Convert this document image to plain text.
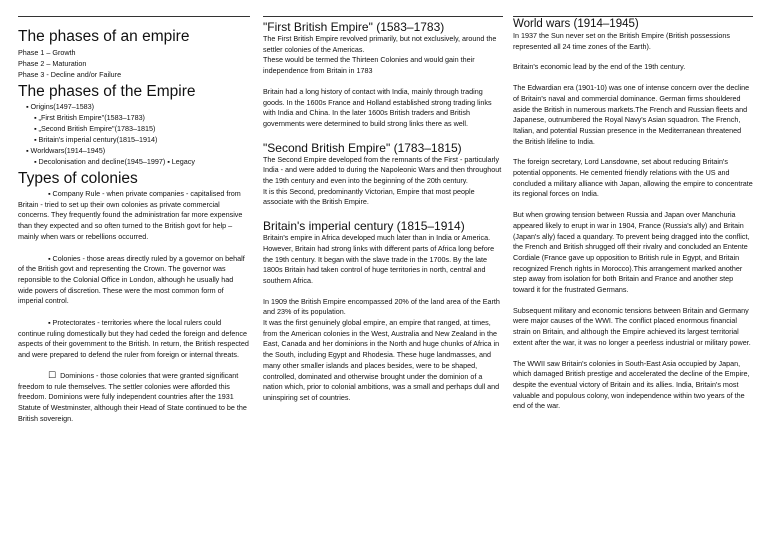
The phases of an empire
Phase 1 – Growth
Phase 2 – Maturation
Phase 3 - Decline and/or Failure
The phases of the Empire
▪ Origins(1497–1583)
▪ „First British Empire"(1583–1783)
▪ „Second British Empire"(1783–1815)
▪ Britain's imperial century(1815–1914)
▪ Worldwars(1914–1945)
▪ Decolonisation and decline(1945–1997) ▪ Legacy
Types of colonies

▪ Company Rule - when private companies - capitalised from Britain - tried to set up their own colonies as private commercial concerns. They frequently found the administration far more expensive than they expected and so often turned to the British govt for help – mainly when wars or rebellions occurred.

▪ Colonies - those areas directly ruled by a governor on behalf of the British govt and representing the Crown. The governor was reponsible to the Colonial Office in London, although he usually had wide powers of discretion. These were the most common form of imperial control.

▪ Protectorates - territories where the local rulers could continue ruling domestically but they had ceded the foreign and defence aspects of their government to the British. In return, the British respected and were prepared to defend the ruler from foreign or internal threats.

☐ Dominions - those colonies that were granted significant freedom to rule themselves. The settler colonies were afforded this freedom. Dominions were fully independent countries after the 1931 Statute of Westminster, although their Head of State continued to be the British sovereign.

"First British Empire" (1583–1783)

The First British Empire revolved primarily, but not exclusively, around the settler colonies of the Americas.

These would be termed the Thirteen Colonies and would gain their independence from Britain in 1783

Britain had a long history of contact with India, mainly through trading goods. In the 1600s France and Holland established strong trading links with India and China. In the later 1600s British traders and British governments were determined to build strong links there as well.

"Second British Empire" (1783–1815)

The Second Empire developed from the remnants of the First - particularly India - and were added to during the Napoleonic Wars and then throughout the 19th century and even into the beginning of the 20th century.

It is this Second, predominantly Victorian, Empire that most people associate with the British Empire.

Britain's imperial century (1815–1914)

Britain's empire in Africa developed much later than in India or America. However, Britain had strong links with different parts of Africa long before the 19th century. It began with the slave trade in the 1700s. By the late 1800s Britain had taken control of huge territories in north, central and southern Africa.

In 1909 the British Empire encompassed 20% of the land area of the Earth and 23% of its population.

It was the first genuinely global empire, an empire that ranged, at times, from the American colonies in the West, Australia and New Zealand in the East, Canada and her dominions in the North and huge chunks of Africa in the South, including Egypt and Rhodesia. These huge landmasses, and many other smaller islands and places besides, were to be shaped, controlled, dominated and otherwise brought under the dominion of a nation which, prior to colonial ambitions, was a small and perhaps dull and uninspiring set of countries.

World wars (1914–1945)

In 1937 the Sun never set on the British Empire (British possessions represented all 24 time zones of the Earth).

Britain's economic lead by the end of the 19th century.

The Edwardian era (1901-10) was one of intense concern over the decline of Britain's naval and commercial dominance. German firms shouldered aside the British in numerous markets.The French and Russian fleets and Japanese, outnumbered the Royal Navy's Asian squadron. The French, Italian, and potential Russian presence in the Mediterranean threatened the British lifeline to India.

The foreign secretary, Lord Lansdowne, set about reducing Britain's potential opponents. He cemented friendly relations with the US and concluded a military alliance with Japan, allowing the empire to concentrate its regional forces on India.

But when growing tension between Russia and Japan over Manchuria appeared likely to erupt in war in 1904, France (Russia's ally) and Britain (Japan's ally) faced a quandary. To prevent being dragged into the conflict, the French and British shrugged off their rivalry and concluded an Entente Cordiale (France gave up opposition to British rule in Egypt, and Britain recognized French rights in Morocco).This arrangement marked another step away from isolation for both Britain and France and another step toward it for the frustrated Germans.

Subsequent military and economic tensions between Britain and Germany were major causes of the WWI. The conflict placed enormous financial strain on Britain, and although the Empire achieved its largest territorial extent after the war, it was no longer a peerless industrial or military power.

The WWII saw Britain's colonies in South-East Asia occupied by Japan, which damaged British prestige and accelerated the decline of the Empire, despite the eventual victory of Britain and its allies. India, Britain's most valuable and populous colony, won independence within two years of the end of the war.
